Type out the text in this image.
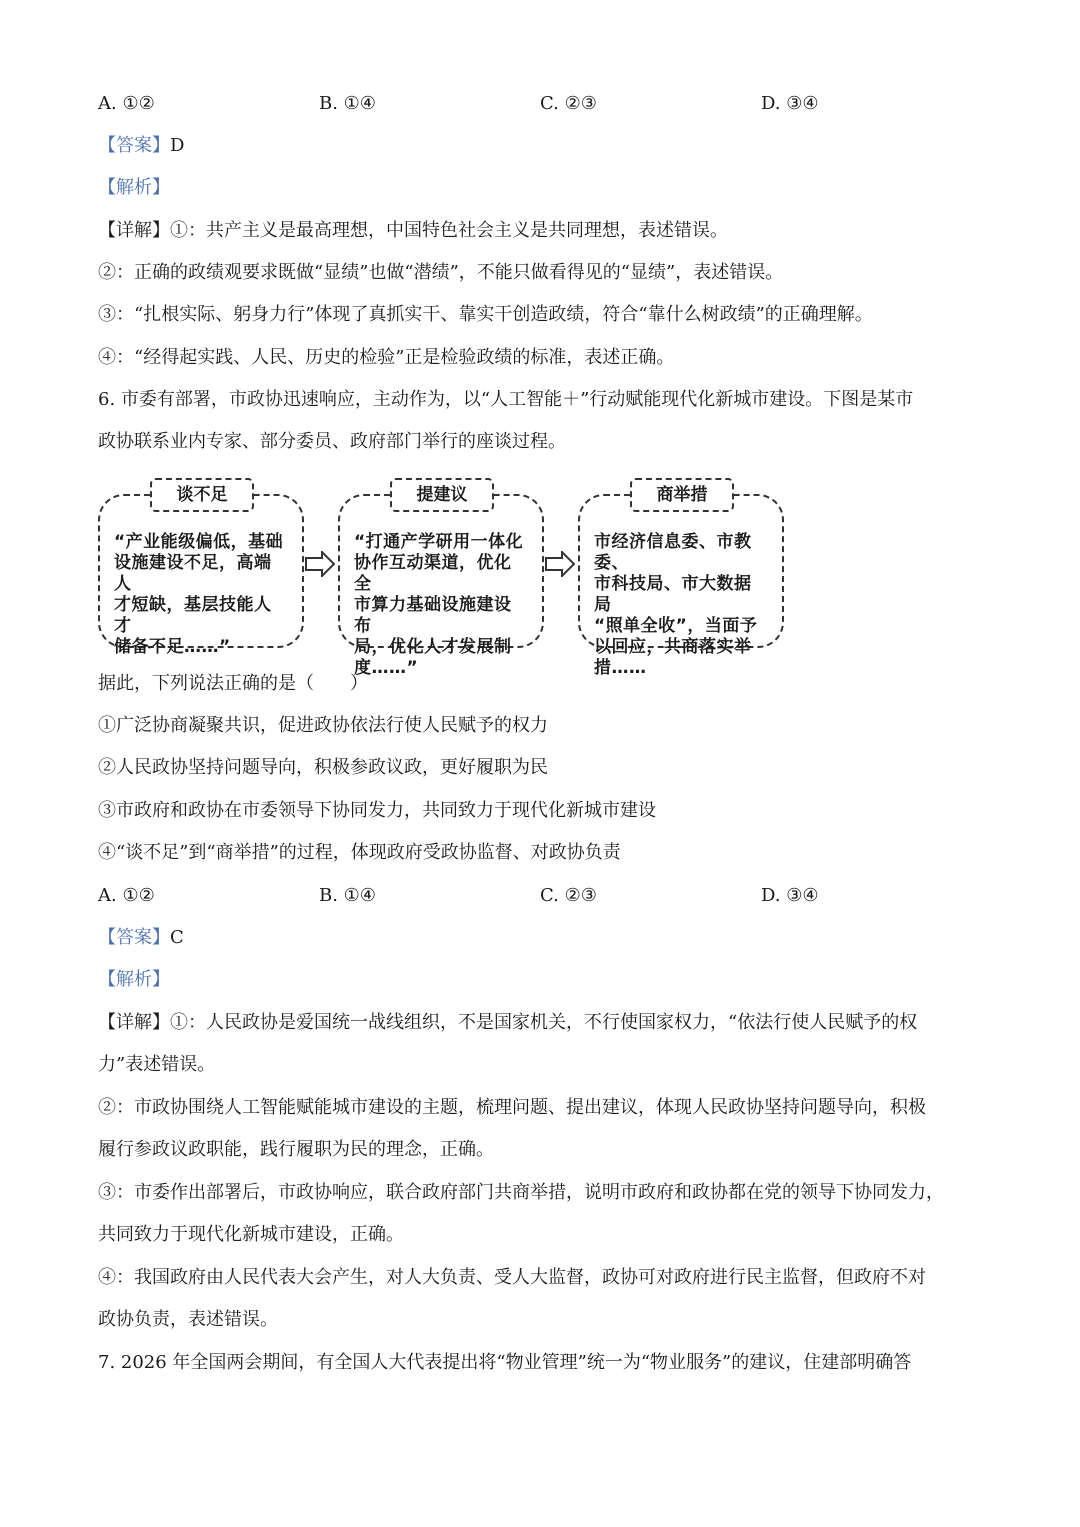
A. ①②	B. ①④	C. ②③	D. ③④
【答案】D
【解析】
【详解】①：共产主义是最高理想，中国特色社会主义是共同理想，表述错误。
②：正确的政绩观要求既做“显绩”也做“潜绩”，不能只做看得见的“显绩”，表述错误。
③：“扎根实际、躬身力行”体现了真抓实干、靠实干创造政绩，符合“靠什么树政绩”的正确理解。
④：“经得起实践、人民、历史的检验”正是检验政绩的标准，表述正确。
6. 市委有部署，市政协迅速响应，主动作为，以“人工智能＋”行动赋能现代化新城市建设。下图是某市
政协联系业内专家、部分委员、政府部门举行的座谈过程。
“产业能级偏低，基础
设施建设不足，高端人
才短缺，基层技能人才
储备不足……”
谈不足
“打通产学研用一体化
协作互动渠道，优化全
市算力基础设施建设布
局，优化人才发展制
度……”
提建议
市经济信息委、市教委、
市科技局、市大数据局
“照单全收”，当面予
以回应，共商落实举
措……
商举措
据此，下列说法正确的是（　　）
①广泛协商凝聚共识，促进政协依法行使人民赋予的权力
②人民政协坚持问题导向，积极参政议政，更好履职为民
③市政府和政协在市委领导下协同发力，共同致力于现代化新城市建设
④“谈不足”到“商举措”的过程，体现政府受政协监督、对政协负责
A. ①②	B. ①④	C. ②③	D. ③④
【答案】C
【解析】
【详解】①：人民政协是爱国统一战线组织，不是国家机关，不行使国家权力，“依法行使人民赋予的权
力”表述错误。
②：市政协围绕人工智能赋能城市建设的主题，梳理问题、提出建议，体现人民政协坚持问题导向，积极
履行参政议政职能，践行履职为民的理念，正确。
③：市委作出部署后，市政协响应，联合政府部门共商举措，说明市政府和政协都在党的领导下协同发力，
共同致力于现代化新城市建设，正确。
④：我国政府由人民代表大会产生，对人大负责、受人大监督，政协可对政府进行民主监督，但政府不对
政协负责，表述错误。
7. 2026 年全国两会期间，有全国人大代表提出将“物业管理”统一为“物业服务”的建议，住建部明确答
